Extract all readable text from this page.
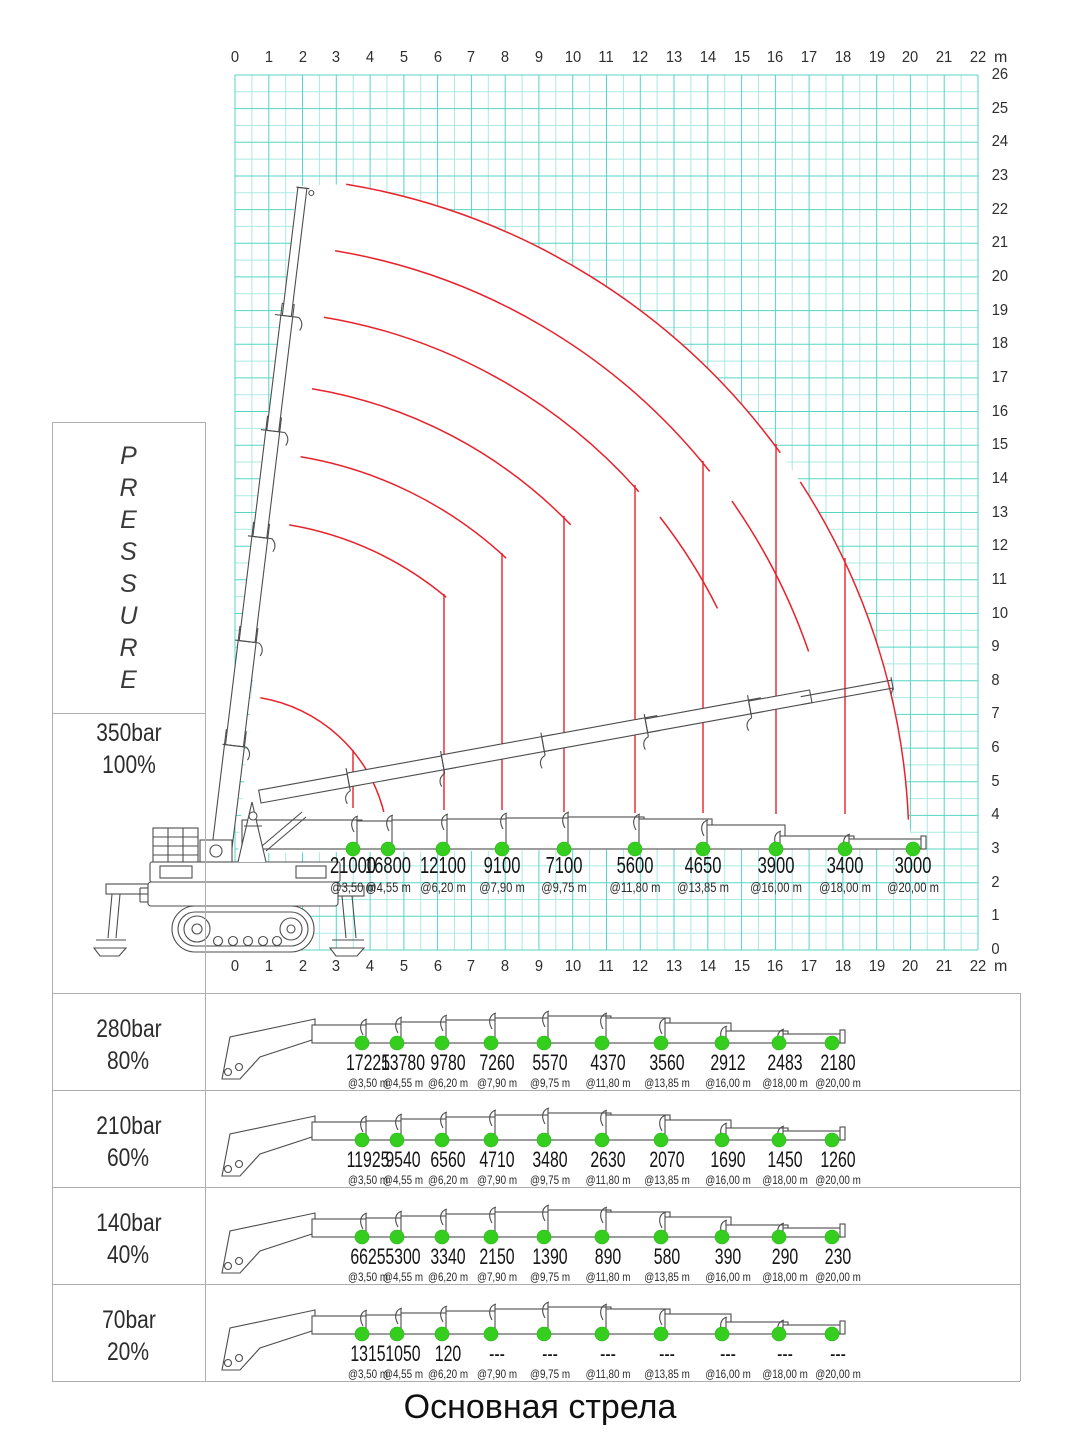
0 1 2 3 4 5 6 7 8 9 10 11 12 13 14 15 16 17 18 19 20 21 22
0 1 2 3 4 5 6 7 8 9 10 11 12 13 14 15 16 17 18 19 20 21 22
0
1
2
3
4
5
6
7
8
9
10
11
12
13
14
15
16
17
18
19
20
21
22
23
24
25
26
m
m
P
R
E
S
S
U
R
E
350bar
100%
21000
@3,50 m
16800
@4,55 m
12100
@6,20 m
9100
@7,90 m
7100
@9,75 m
5600
@11,80 m
4650
@13,85 m
3900
@16,00 m
3400
@18,00 m
3000
@20,00 m
17225
@3,50 m
13780
@4,55 m
9780
@6,20 m
7260
@7,90 m
5570
@9,75 m
4370
@11,80 m
3560
@13,85 m
2912
@16,00 m
2483
@18,00 m
2180
@20,00 m
11925
@3,50 m
9540
@4,55 m
6560
@6,20 m
4710
@7,90 m
3480
@9,75 m
2630
@11,80 m
2070
@13,85 m
1690
@16,00 m
1450
@18,00 m
1260
@20,00 m
6625
@3,50 m
5300
@4,55 m
3340
@6,20 m
2150
@7,90 m
1390
@9,75 m
890
@11,80 m
580
@13,85 m
390
@16,00 m
290
@18,00 m
230
@20,00 m
1315
@3,50 m
1050
@4,55 m
120
@6,20 m
---
@7,90 m
---
@9,75 m
---
@11,80 m
---
@13,85 m
---
@16,00 m
---
@18,00 m
---
@20,00 m
280bar
80%
210bar
60%
140bar
40%
70bar
20%
Основная стрела
